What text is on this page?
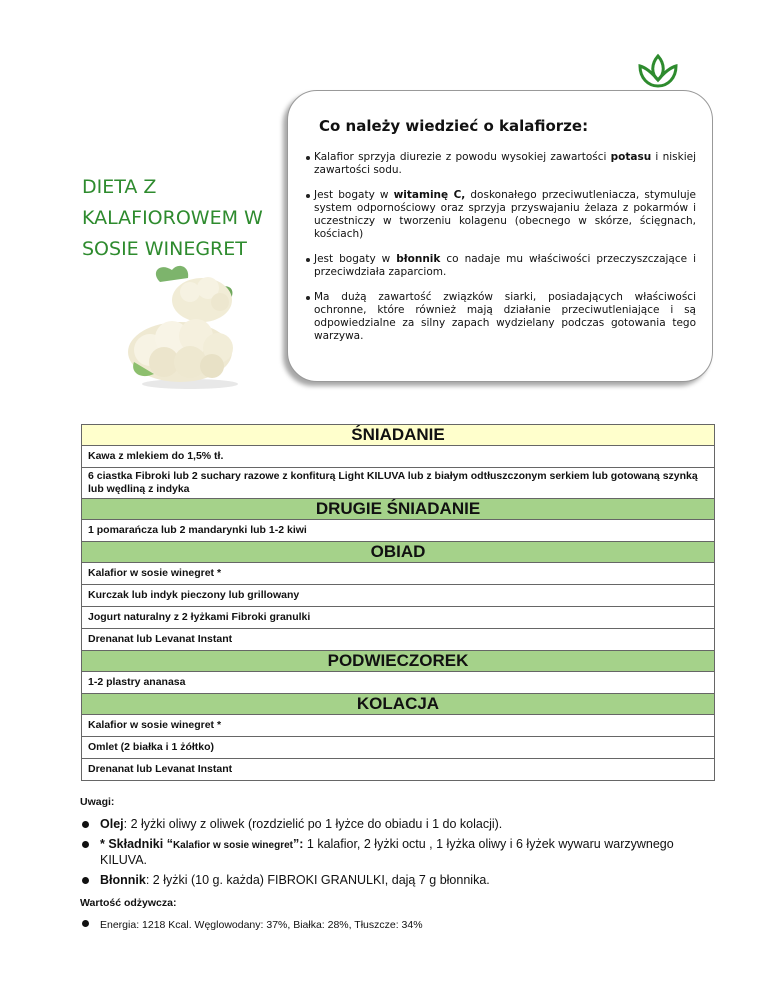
DIETA Z
KALAFIOROWEM W
SOSIE WINEGRET
Co należy wiedzieć o kalafiorze:
Kalafior sprzyja diurezie z powodu wysokiej zawartości potasu i niskiej zawartości sodu.
Jest bogaty w witaminę C, doskonałego przeciwutleniacza, stymuluje system odpornościowy oraz sprzyja przyswajaniu żelaza z pokarmów i uczestniczy w tworzeniu kolagenu (obecnego w skórze, ścięgnach, kościach)
Jest bogaty w błonnik co nadaje mu właściwości przeczyszczające i przeciwdziała zaparciom.
Ma dużą zawartość związków siarki, posiadających właściwości ochronne, które również mają działanie przeciwutleniające i są odpowiedzialne za silny zapach wydzielany podczas gotowania tego warzywa.
ŚNIADANIE
Kawa z mlekiem do 1,5% tł.
6 ciastka Fibroki lub 2 suchary razowe z konfiturą Light KILUVA lub z białym odtłuszczonym serkiem lub gotowaną szynką lub wędliną z indyka
DRUGIE ŚNIADANIE
1 pomarańcza lub 2 mandarynki lub 1-2 kiwi
OBIAD
Kalafior w sosie winegret *
Kurczak lub indyk pieczony lub grillowany
Jogurt naturalny z 2 łyżkami Fibroki granulki
Drenanat lub Levanat Instant
PODWIECZOREK
1-2 plastry ananasa
KOLACJA
Kalafior w sosie winegret *
Omlet (2 białka i 1 żółtko)
Drenanat lub Levanat Instant
Uwagi:
Olej: 2 łyżki oliwy z oliwek (rozdzielić po 1 łyżce do obiadu i 1 do kolacji).
* Składniki “Kalafior w sosie winegret”: 1 kalafior, 2 łyżki octu , 1 łyżka oliwy i 6 łyżek wywaru warzywnego KILUVA.
Błonnik: 2 łyżki (10 g. każda) FIBROKI GRANULKI, dają 7 g błonnika.
Wartość odżywcza:
Energia: 1218 Kcal. Węglowodany: 37%, Białka: 28%, Tłuszcze: 34%
